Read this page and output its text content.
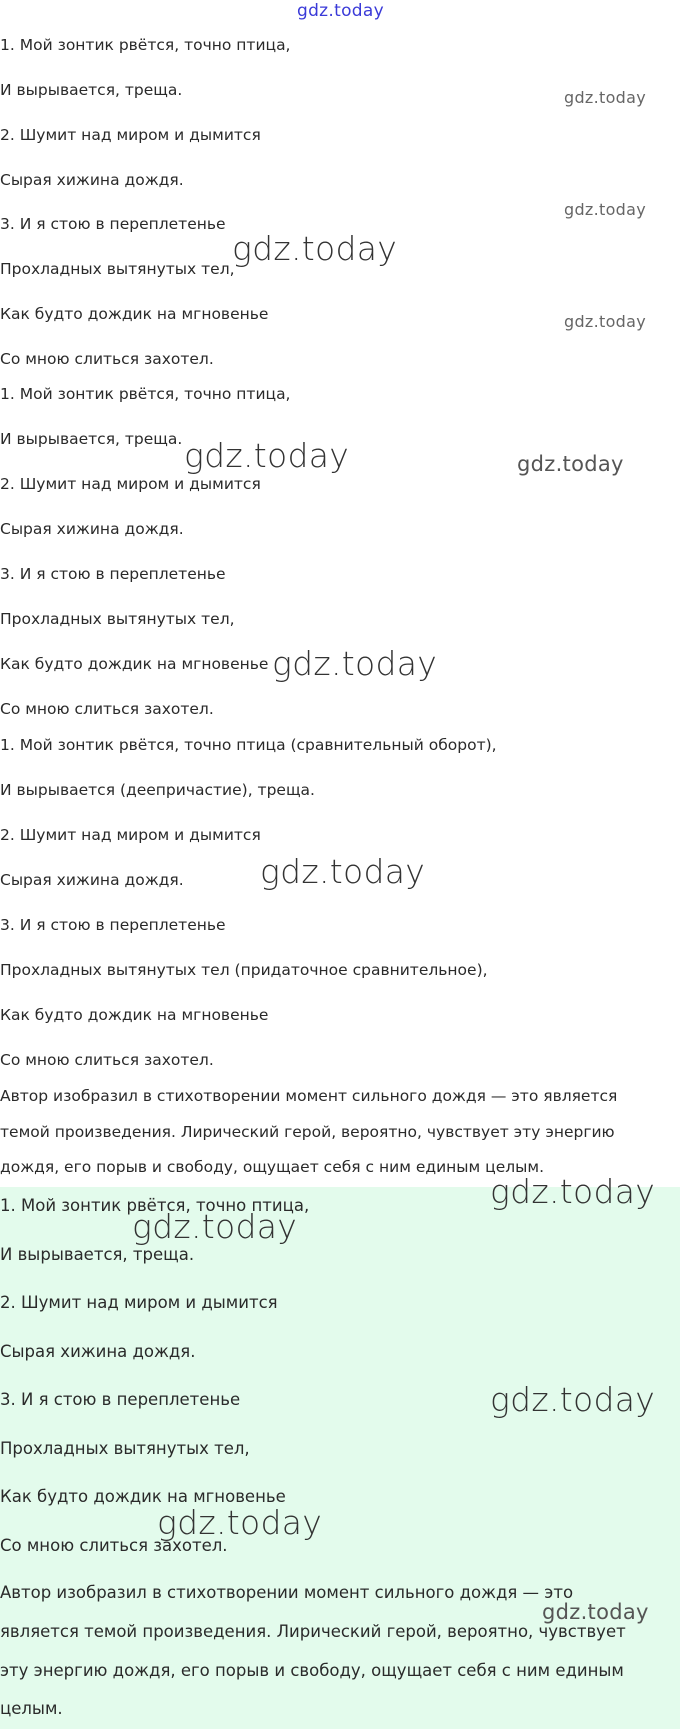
gdz.today

1. Мой зонтик рвётся, точно птица,

И вырывается, треща.

2. Шумит над миром и дымится

Сырая хижина дождя.

3. И я стою в переплетенье

Прохладных вытянутых тел,

Как будто дождик на мгновенье

Со мною слиться захотел.

1. Мой зонтик рвётся, точно птица,

И вырывается, треща.

2. Шумит над миром и дымится

Сырая хижина дождя.

3. И я стою в переплетенье

Прохладных вытянутых тел,

Как будто дождик на мгновенье

Со мною слиться захотел.

1. Мой зонтик рвётся, точно птица (сравнительный оборот),

И вырывается (деепричастие), треща.

2. Шумит над миром и дымится

Сырая хижина дождя.

3. И я стою в переплетенье

Прохладных вытянутых тел (придаточное сравнительное),

Как будто дождик на мгновенье

Со мною слиться захотел.

Автор изобразил в стихотворении момент сильного дождя — это является
темой произведения. Лирический герой, вероятно, чувствует эту энергию
дождя, его порыв и свободу, ощущает себя с ним единым целым.

1. Мой зонтик рвётся, точно птица,

И вырывается, треща.

2. Шумит над миром и дымится

Сырая хижина дождя.

3. И я стою в переплетенье

Прохладных вытянутых тел,

Как будто дождик на мгновенье

Со мною слиться захотел.

Автор изобразил в стихотворении момент сильного дождя — это
является темой произведения. Лирический герой, вероятно, чувствует
эту энергию дождя, его порыв и свободу, ощущает себя с ним единым
целым.
gdz.today
gdz.today
gdz.today
gdz.today
gdz.today	gdz.today
gdz.today
gdz.today
gdz.today
gdz.today
gdz.today
gdz.today
gdz.today
